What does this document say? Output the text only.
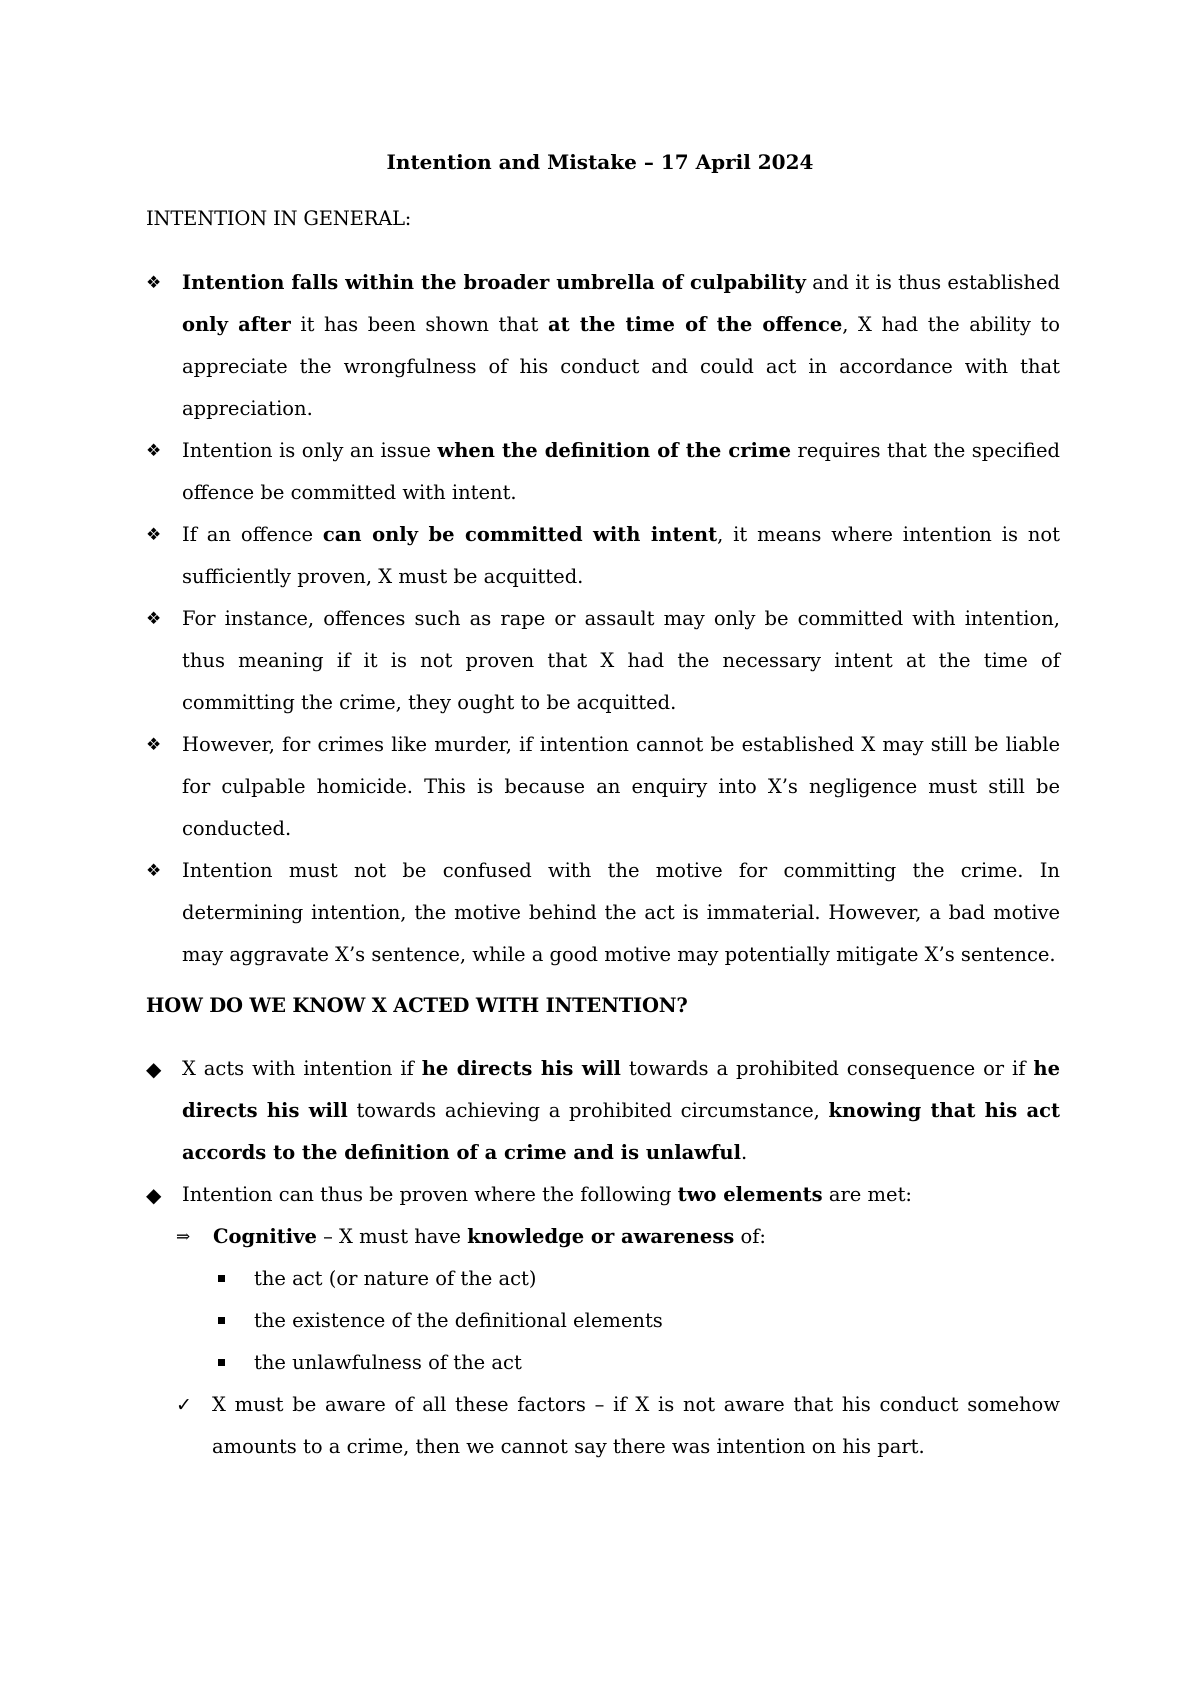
Intention and Mistake – 17 April 2024
INTENTION IN GENERAL:
❖	Intention falls within the broader umbrella of culpability and it is thus established only after it has been shown that at the time of the offence, X had the ability to appreciate the wrongfulness of his conduct and could act in accordance with that appreciation.

❖	Intention is only an issue when the definition of the crime requires that the specified offence be committed with intent.

❖	If an offence can only be committed with intent, it means where intention is not sufficiently proven, X must be acquitted.

❖	For instance, offences such as rape or assault may only be committed with intention, thus meaning if it is not proven that X had the necessary intent at the time of committing the crime, they ought to be acquitted.

❖	However, for crimes like murder, if intention cannot be established X may still be liable for culpable homicide. This is because an enquiry into X’s negligence must still be conducted.

❖	Intention must not be confused with the motive for committing the crime. In determining intention, the motive behind the act is immaterial. However, a bad motive may aggravate X’s sentence, while a good motive may potentially mitigate X’s sentence.

HOW DO WE KNOW X ACTED WITH INTENTION?
◆	X acts with intention if he directs his will towards a prohibited consequence or if he directs his will towards achieving a prohibited circumstance, knowing that his act accords to the definition of a crime and is unlawful.

◆	Intention can thus be proven where the following two elements are met:

⇒ Cognitive – X must have knowledge or awareness of:
the act (or nature of the act)
the existence of the definitional elements
the unlawfulness of the act
✓ X must be aware of all these factors – if X is not aware that his conduct somehow amounts to a crime, then we cannot say there was intention on his part.
